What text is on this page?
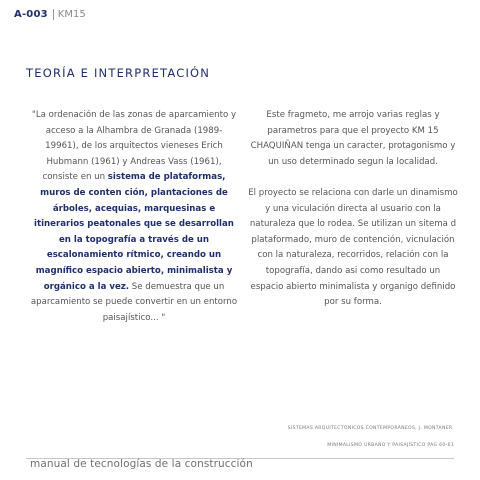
A-003 KM15
TEORÍA E INTERPRETACIÓN

"La ordenación de las zonas de aparcamiento y acceso a la Alhambra de Granada (1989-19961), de los arquitectos vieneses Erich Hubmann (1961) y Andreas Vass (1961), consiste en un sistema de plataformas, muros de conten ción, plantaciones de árboles, acequias, marquesinas e itinerarios peatonales que se desarrollan en la topografía a través de un escalonamiento rítmico, creando un magnífico espacio abierto, minimalista y orgánico a la vez. Se demuestra que un aparcamiento se puede convertir en un entorno paisajístico... "

Este fragmeto, me arrojo varias reglas y parametros para que el proyecto KM 15 CHAQUIÑAN tenga un caracter, protagonismo y un uso determinado segun la localidad.

El proyecto se relaciona con darle un dinamismo y una viculación directa al usuario con la naturaleza que lo rodea. Se utilizan un sitema d plataformado, muro de contención, vicnulación con la naturaleza, recorridos, relación con la topografía, dando asi como resultado un espacio abierto minimalista y organigo definido por su forma.

SISTEMAS ARQUITECTÓNICOS CONTEMPORÁNEOS, J. MONTANER.
MINIMALISMO URBANO Y PAISAJÍSTICO PAG 60-61
manual de tecnologías de la construcción
